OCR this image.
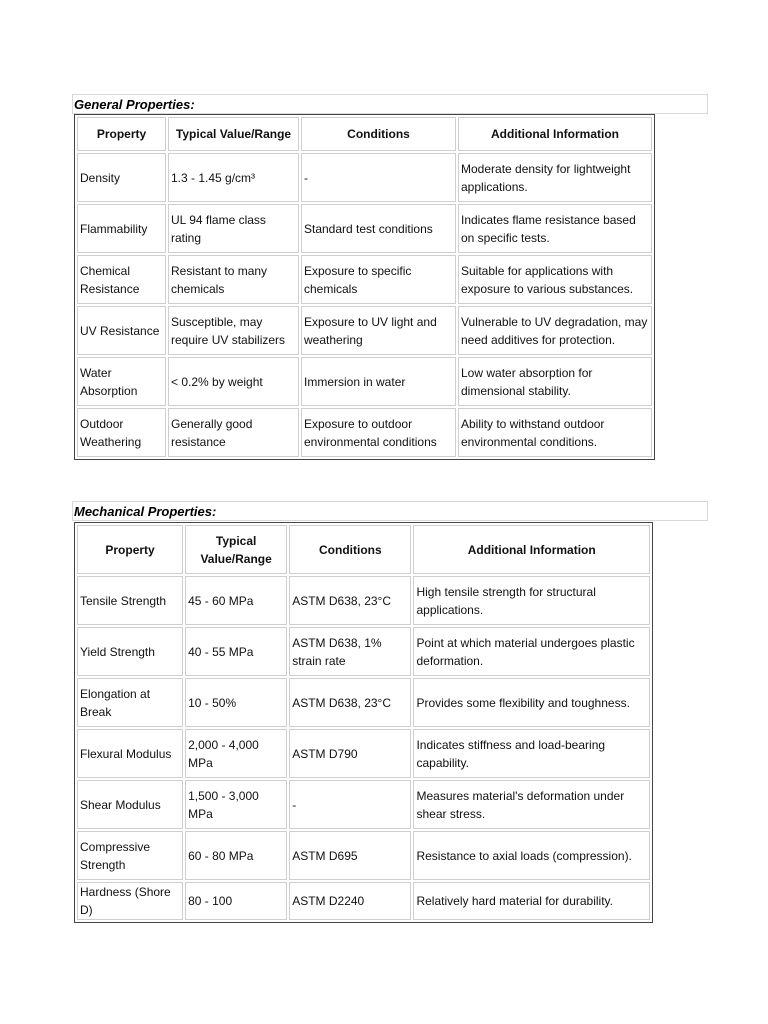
General Properties:
Property	Typical Value/Range	Conditions	Additional Information
Density	1.3 - 1.45 g/cm³	-	Moderate density for lightweight applications.
Flammability	UL 94 flame class rating	Standard test conditions	Indicates flame resistance based on specific tests.
Chemical Resistance	Resistant to many chemicals	Exposure to specific chemicals	Suitable for applications with exposure to various substances.
UV Resistance	Susceptible, may require UV stabilizers	Exposure to UV light and weathering	Vulnerable to UV degradation, may need additives for protection.
Water Absorption	< 0.2% by weight	Immersion in water	Low water absorption for dimensional stability.
Outdoor Weathering	Generally good resistance	Exposure to outdoor environmental conditions	Ability to withstand outdoor environmental conditions.
Mechanical Properties:
Property	Typical Value/Range	Conditions	Additional Information
Tensile Strength	45 - 60 MPa	ASTM D638, 23°C	High tensile strength for structural applications.
Yield Strength	40 - 55 MPa	ASTM D638, 1% strain rate	Point at which material undergoes plastic deformation.
Elongation at Break	10 - 50%	ASTM D638, 23°C	Provides some flexibility and toughness.
Flexural Modulus	2,000 - 4,000 MPa	ASTM D790	Indicates stiffness and load-bearing capability.
Shear Modulus	1,500 - 3,000 MPa	-	Measures material's deformation under shear stress.
Compressive Strength	60 - 80 MPa	ASTM D695	Resistance to axial loads (compression).
Hardness (Shore D)	80 - 100	ASTM D2240	Relatively hard material for durability.
